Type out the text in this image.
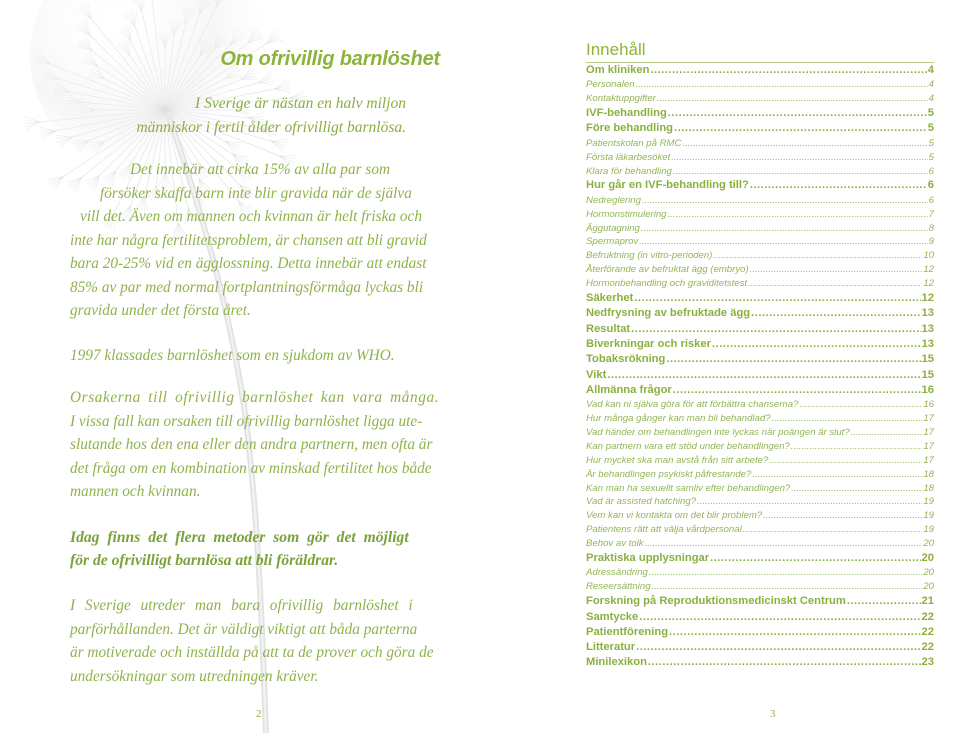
Om ofrivillig barnlöshet
I Sverige är nästan en halv miljon
människor i fertil ålder ofrivilligt barnlösa.
Det innebär att cirka 15% av alla par som
försöker skaffa barn inte blir gravida när de själva
vill det. Även om mannen och kvinnan är helt friska och
inte har några fertilitetsproblem, är chansen att bli gravid
bara 20-25% vid en ägglossning. Detta innebär att endast
85% av par med normal fortplantningsförmåga lyckas bli
gravida under det första året.
1997 klassades barnlöshet som en sjukdom av WHO.
Orsakerna till ofrivillig barnlöshet kan vara många.
I vissa fall kan orsaken till ofrivillig barnlöshet ligga ute-
slutande hos den ena eller den andra partnern, men ofta är
det fråga om en kombination av minskad fertilitet hos både
mannen och kvinnan.
Idag finns det flera metoder som gör det möjligt
för de ofrivilligt barnlösa att bli föräldrar.
I Sverige utreder man bara ofrivillig barnlöshet i
parförhållanden. Det är väldigt viktigt att båda parterna
är motiverade och inställda på att ta de prover och göra de
undersökningar som utredningen kräver.
2
Innehåll
Om kliniken .....	4
Personalen .....	4
Kontaktuppgifter .....	4
IVF-behandling .....	5
Före behandling .....	5
Patientskolan på RMC .....	5
Första läkarbesöket .....	5
Klara för behandling .....	6
Hur går en IVF-behandling till? .....	6
Nedreglering .....	6
Hormonstimulering .....	7
Äggutagning .....	8
Spermaprov .....	9
Befruktning (in vitro-perioden) .....	10
Återförande av befruktat ägg (embryo) .....	12
Hormonbehandling och graviditetstest .....	12
Säkerhet .....	12
Nedfrysning av befruktade ägg .....	13
Resultat .....	13
Biverkningar och risker .....	13
Tobaksrökning .....	15
Vikt .....	15
Allmänna frågor .....	16
Vad kan ni själva göra för att förbättra chanserna? .....	16
Hur många gånger kan man bli behandlad? .....	17
Vad händer om behandlingen inte lyckas när poängen är slut? .....	17
Kan partnern vara ett stöd under behandlingen? .....	17
Hur mycket ska man avstå från sitt arbete? .....	17
Är behandlingen psykiskt påfrestande? .....	18
Kan man ha sexuellt samliv efter behandlingen? .....	18
Vad är assisted hatching? .....	19
Vem kan vi kontakta om det blir problem? .....	19
Patientens rätt att välja vårdpersonal .....	19
Behov av tolk .....	20
Praktiska upplysningar .....	20
Adressändring .....	20
Reseersättning .....	20
Forskning på Reproduktionsmedicinskt Centrum .....	21
Samtycke .....	22
Patientförening .....	22
Litteratur .....	22
Minilexikon .....	23
3
